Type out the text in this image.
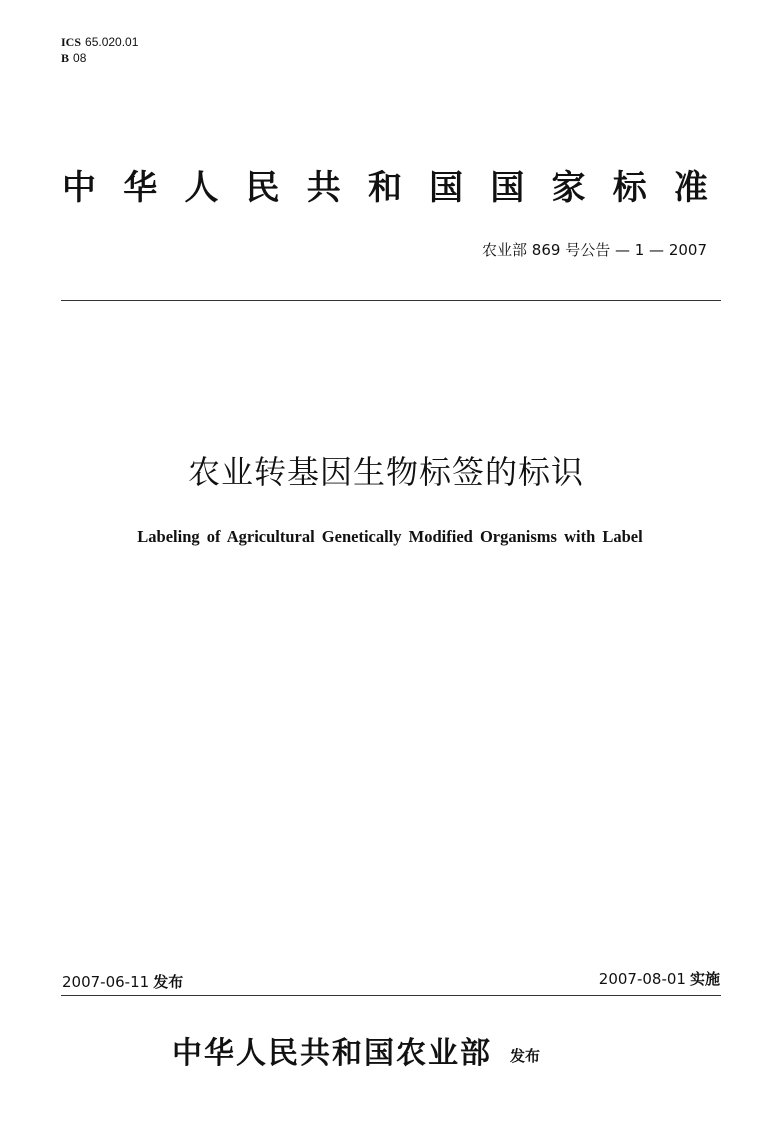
ICS 65.020.01
B 08
中 华 人 民 共 和 国 国 家 标 准
农业部 869 号公告 — 1 — 2007
农业转基因生物标签的标识
Labeling of Agricultural Genetically Modified Organisms with Label
2007-06-11 发布	2007-08-01 实施
中华人民共和国农业部 发布
